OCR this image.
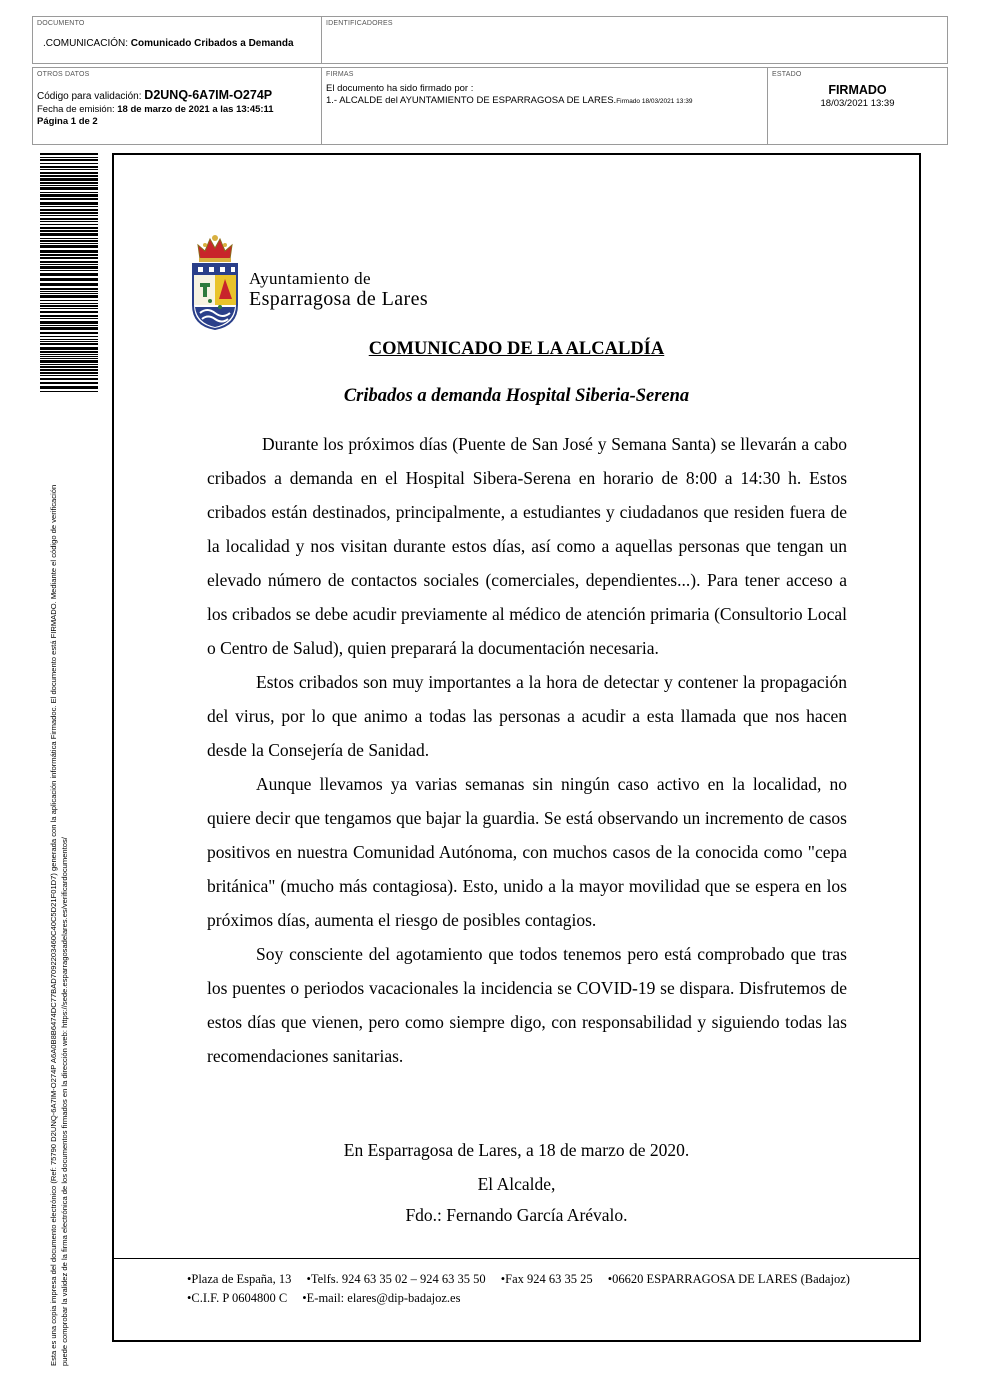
DOCUMENTO
.COMUNICACIÓN: Comunicado Cribados a Demanda
IDENTIFICADORES
OTROS DATOS
Código para validación: D2UNQ-6A7IM-O274P
Fecha de emisión: 18 de marzo de 2021 a las 13:45:11
Página 1 de 2
FIRMAS
El documento ha sido firmado por :
1.- ALCALDE del AYUNTAMIENTO DE ESPARRAGOSA DE LARES.Firmado 18/03/2021 13:39
ESTADO
FIRMADO
18/03/2021 13:39
Esta es una copia impresa del documento electrónico (Ref: 75790 D2UNQ-6A7IM-O274P A6A0B8B6474DC77BAD7092203460C40C5D21F01D7) generada con la aplicación informática Firmadoc. El documento está FIRMADO. Mediante el código de verificación puede comprobar la validez de la firma electrónica de los documentos firmados en la dirección web: https://sede.esparragosadelares.es/verificardocumentos/
Ayuntamiento de
Esparragosa de Lares
COMUNICADO DE LA ALCALDÍA
Cribados a demanda Hospital Siberia-Serena

Durante los próximos días (Puente de San José y Semana Santa) se llevarán a cabo cribados a demanda en el Hospital Sibera-Serena en horario de 8:00 a 14:30 h. Estos cribados están destinados, principalmente, a estudiantes y ciudadanos que residen fuera de la localidad y nos visitan durante estos días, así como a aquellas personas que tengan un elevado número de contactos sociales (comerciales, dependientes...). Para tener acceso a los cribados se debe acudir previamente al médico de atención primaria (Consultorio Local o Centro de Salud), quien preparará la documentación necesaria.

Estos cribados son muy importantes a la hora de detectar y contener la propagación del virus, por lo que animo a todas las personas a acudir a esta llamada que nos hacen desde la Consejería de Sanidad.

Aunque llevamos ya varias semanas sin ningún caso activo en la localidad, no quiere decir que tengamos que bajar la guardia. Se está observando un incremento de casos positivos en nuestra Comunidad Autónoma, con muchos casos de la conocida como "cepa británica" (mucho más contagiosa). Esto, unido a la mayor movilidad que se espera en los próximos días, aumenta el riesgo de posibles contagios.

Soy consciente del agotamiento que todos tenemos pero está comprobado que tras los puentes o periodos vacacionales la incidencia se COVID-19 se dispara. Disfrutemos de estos días que vienen, pero como siempre digo, con responsabilidad y siguiendo todas las recomendaciones sanitarias.

En Esparragosa de Lares, a 18 de marzo de 2020.
El Alcalde,
Fdo.: Fernando García Arévalo.
•Plaza de España, 13 •Telfs. 924 63 35 02 – 924 63 35 50 •Fax 924 63 35 25 •06620 ESPARRAGOSA DE LARES (Badajoz)
•C.I.F. P 0604800 C •E-mail: elares@dip-badajoz.es
